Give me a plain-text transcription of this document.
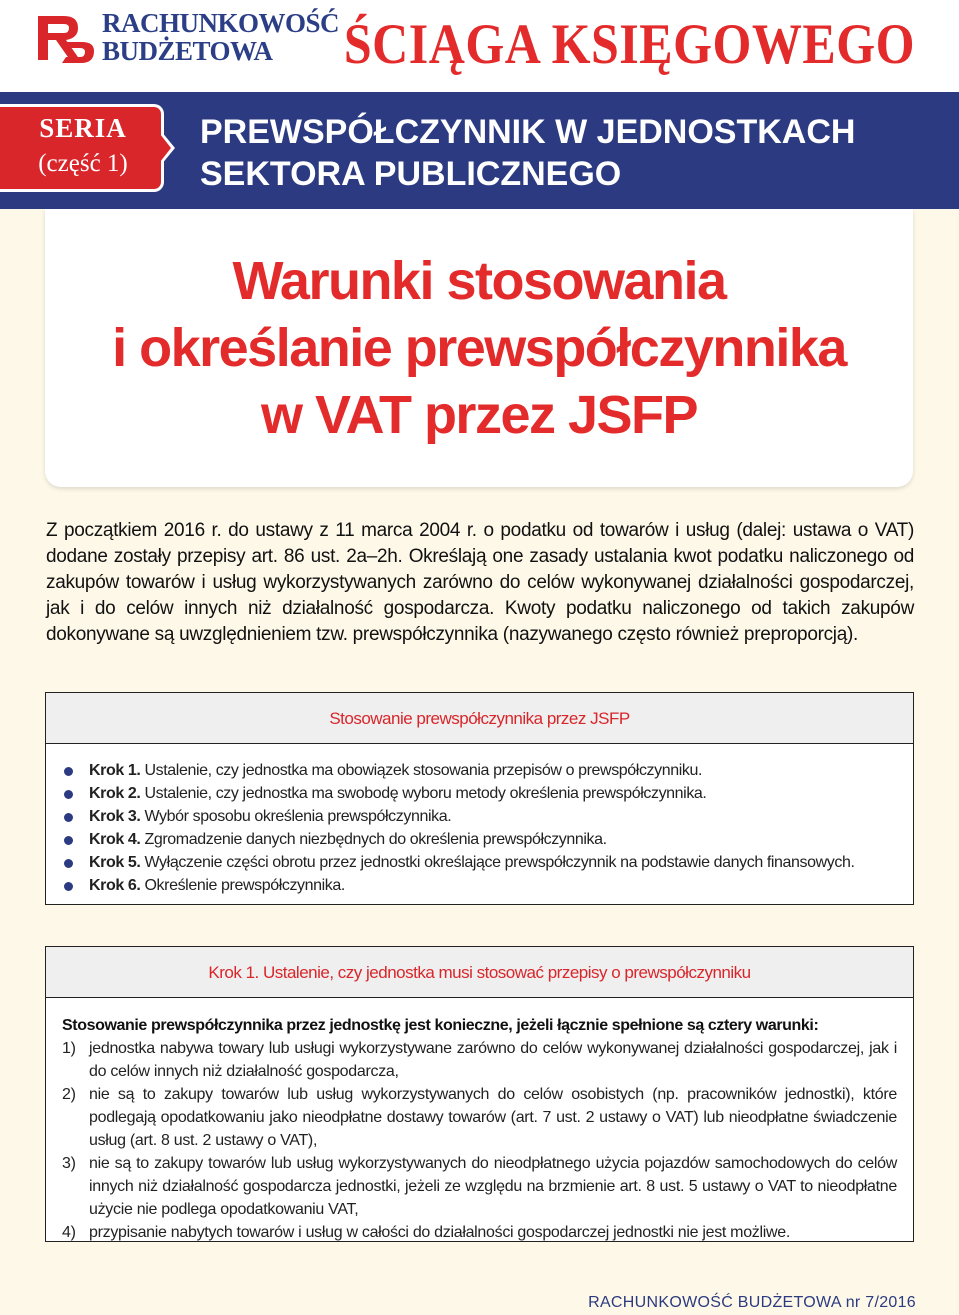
RACHUNKOWOŚĆ
BUDŻETOWA ŚCIĄGA KSIĘGOWEGO
SERIA
(część 1)
PREWSPÓŁCZYNNIK W JEDNOSTKACH
SEKTORA PUBLICZNEGO
Warunki stosowania
i określanie prewspółczynnika
w VAT przez JSFP
Z początkiem 2016 r. do ustawy z 11 marca 2004 r. o podatku od towarów i usług (dalej: ustawa o VAT) dodane zostały przepisy art. 86 ust. 2a–2h. Określają one zasady ustalania kwot podatku naliczonego od zakupów towarów i usług wykorzystywanych zarówno do celów wykonywanej działalności gospodarczej, jak i do celów innych niż działalność gospodarcza. Kwoty podatku naliczonego od takich zakupów dokonywane są uwzględnieniem tzw. prewspółczynnika (nazywanego często również preproporcją).
Stosowanie prewspółczynnika przez JSFP
Krok 1. Ustalenie, czy jednostka ma obowiązek stosowania przepisów o prewspółczynniku.
Krok 2. Ustalenie, czy jednostka ma swobodę wyboru metody określenia prewspółczynnika.
Krok 3. Wybór sposobu określenia prewspółczynnika.
Krok 4. Zgromadzenie danych niezbędnych do określenia prewspółczynnika.
Krok 5. Wyłączenie części obrotu przez jednostki określające prewspółczynnik na podstawie danych finansowych.
Krok 6. Określenie prewspółczynnika.
Krok 1. Ustalenie, czy jednostka musi stosować przepisy o prewspółczynniku
Stosowanie prewspółczynnika przez jednostkę jest konieczne, jeżeli łącznie spełnione są cztery warunki:
1) jednostka nabywa towary lub usługi wykorzystywane zarówno do celów wykonywanej działalności gospodarczej, jak i do celów innych niż działalność gospodarcza,
2) nie są to zakupy towarów lub usług wykorzystywanych do celów osobistych (np. pracowników jednostki), które podlegają opodatkowaniu jako nieodpłatne dostawy towarów (art. 7 ust. 2 ustawy o VAT) lub nieodpłatne świadczenie usług (art. 8 ust. 2 ustawy o VAT),
3) nie są to zakupy towarów lub usług wykorzystywanych do nieodpłatnego użycia pojazdów samochodowych do celów innych niż działalność gospodarcza jednostki, jeżeli ze względu na brzmienie art. 8 ust. 5 ustawy o VAT to nieodpłatne użycie nie podlega opodatkowaniu VAT,
4) przypisanie nabytych towarów i usług w całości do działalności gospodarczej jednostki nie jest możliwe.
RACHUNKOWOŚĆ BUDŻETOWA nr 7/2016
